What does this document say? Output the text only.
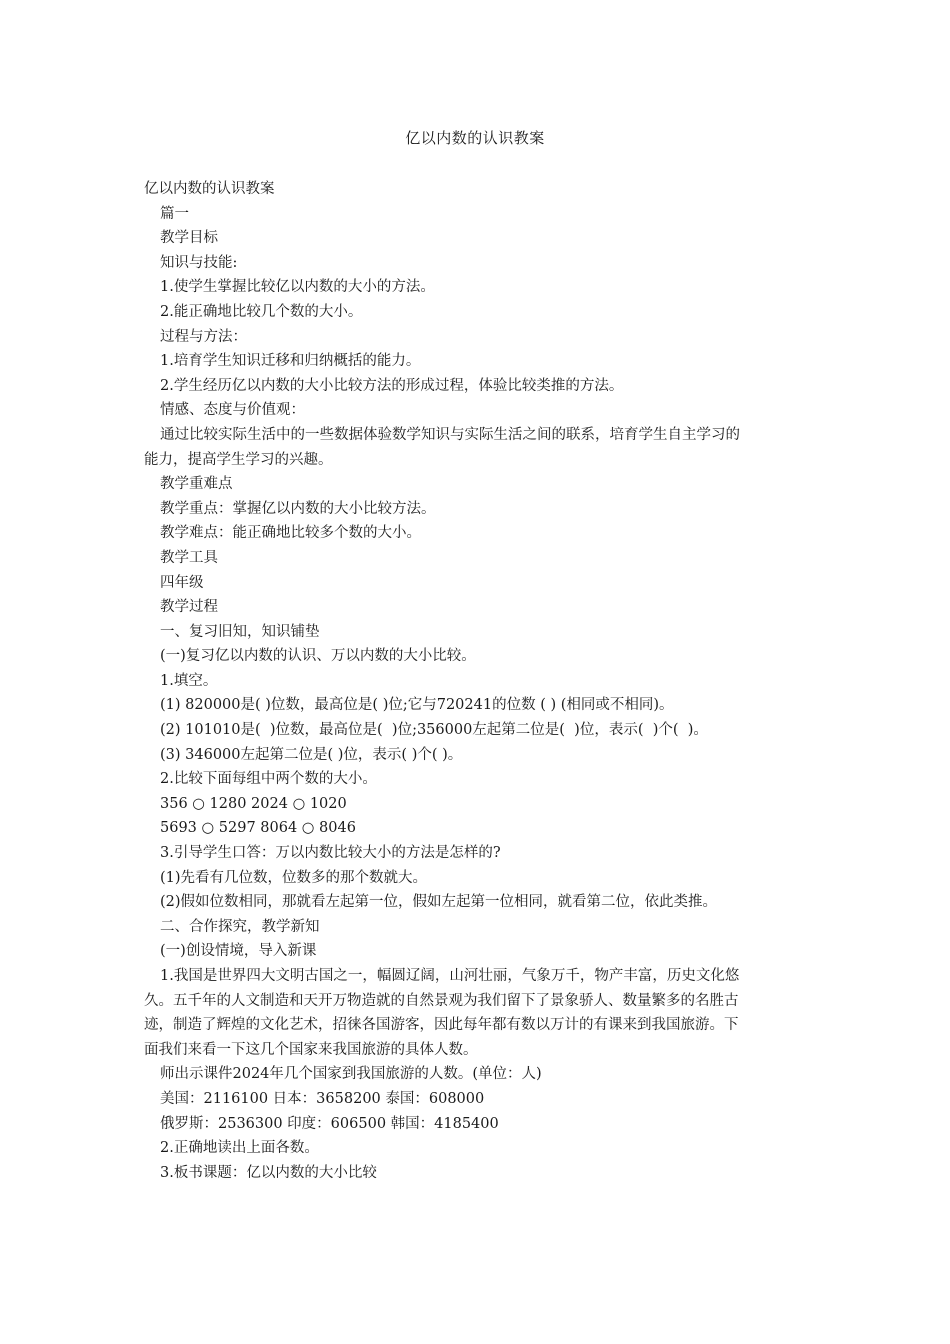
亿以内数的认识教案
亿以内数的认识教案
篇一
教学目标
知识与技能:
1.使学生掌握比较亿以内数的大小的方法。
2.能正确地比较几个数的大小。
过程与方法：
1.培育学生知识迁移和归纳概括的能力。
2.学生经历亿以内数的大小比较方法的形成过程，体验比较类推的方法。
情感、态度与价值观：
通过比较实际生活中的一些数据体验数学知识与实际生活之间的联系，培育学生自主学习的
能力，提高学生学习的兴趣。
教学重难点
教学重点：掌握亿以内数的大小比较方法。
教学难点：能正确地比较多个数的大小。
教学工具
四年级
教学过程
一、复习旧知，知识铺垫
(一)复习亿以内数的认识、万以内数的大小比较。
1.填空。
(1) 820000是( )位数，最高位是( )位;它与720241的位数 ( ) (相同或不相同)。
(2) 101010是(  )位数，最高位是(  )位;356000左起第二位是(  )位，表示(  )个(  )。
(3) 346000左起第二位是( )位，表示( )个( )。
2.比较下面每组中两个数的大小。
356 ○ 1280 2024 ○ 1020
5693 ○ 5297 8064 ○ 8046
3.引导学生口答：万以内数比较大小的方法是怎样的?
(1)先看有几位数，位数多的那个数就大。
(2)假如位数相同，那就看左起第一位，假如左起第一位相同，就看第二位，依此类推。
二、合作探究，教学新知
(一)创设情境，导入新课
1.我国是世界四大文明古国之一，幅圆辽阔，山河壮丽，气象万千，物产丰富，历史文化悠
久。五千年的人文制造和天开万物造就的自然景观为我们留下了景象骄人、数量繁多的名胜古
迹，制造了辉煌的文化艺术，招徕各国游客，因此每年都有数以万计的有课来到我国旅游。下
面我们来看一下这几个国家来我国旅游的具体人数。
师出示课件2024年几个国家到我国旅游的人数。(单位：人)
美国：2116100 日本：3658200 泰国：608000
俄罗斯：2536300 印度：606500 韩国：4185400
2.正确地读出上面各数。
3.板书课题：亿以内数的大小比较
